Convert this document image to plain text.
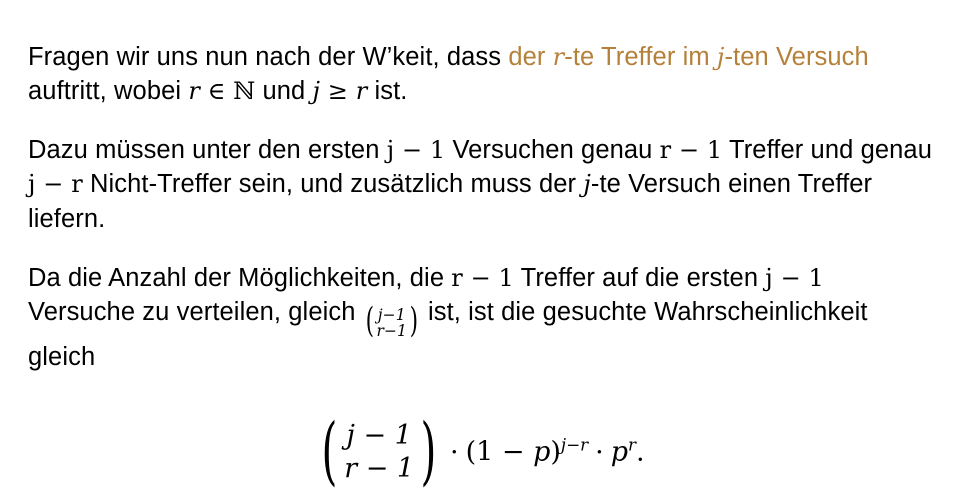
Fragen wir uns nun nach der W’keit, dass der r-te Treffer im j-ten Versuch auftritt, wobei r ∈ ℕ und j ≥ r ist.

Dazu müssen unter den ersten j − 1 Versuchen genau r − 1 Treffer und genau j − r Nicht-Treffer sein, und zusätzlich muss der j-te Versuch einen Treffer liefern.

Da die Anzahl der Möglichkeiten, die r − 1 Treffer auf die ersten j − 1 Versuche zu verteilen, gleich ( j−1
r−1 ) ist, ist die gesuchte Wahrscheinlichkeit gleich

( j − 1
r − 1 ) · $(1 - p)^{j-r} \cdot p^r$.
